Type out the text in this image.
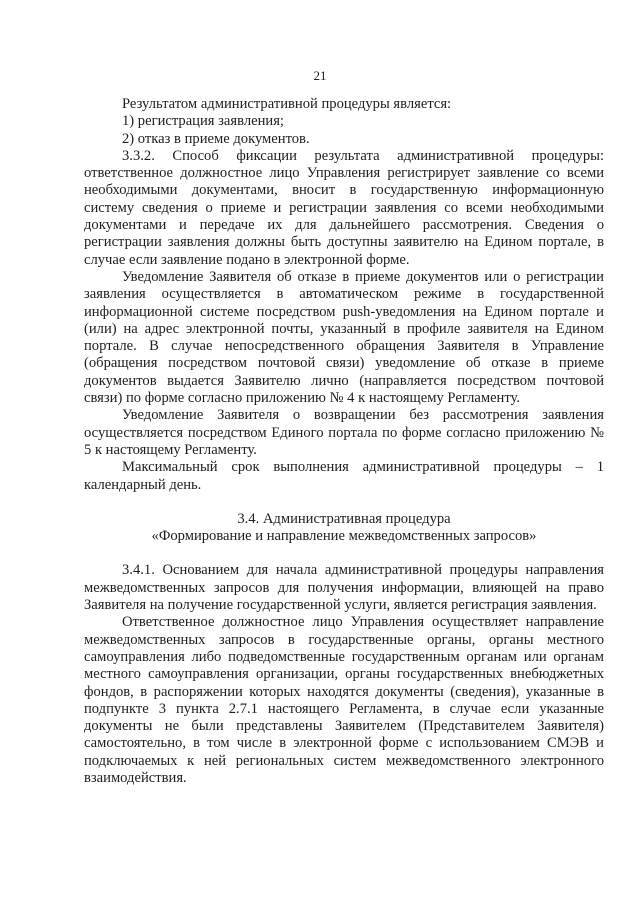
21

Результатом административной процедуры является:

1) регистрация заявления;

2) отказ в приеме документов.

3.3.2. Способ фиксации результата административной процедуры: ответственное должностное лицо Управления регистрирует заявление со всеми необходимыми документами, вносит в государственную информационную систему сведения о приеме и регистрации заявления со всеми необходимыми документами и передаче их для дальнейшего рассмотрения. Сведения о регистрации заявления должны быть доступны заявителю на Едином портале, в случае если заявление подано в электронной форме.

Уведомление Заявителя об отказе в приеме документов или о регистрации заявления осуществляется в автоматическом режиме в государственной информационной системе посредством push-уведомления на Едином портале и (или) на адрес электронной почты, указанный в профиле заявителя на Едином портале. В случае непосредственного обращения Заявителя в Управление (обращения посредством почтовой связи) уведомление об отказе в приеме документов выдается Заявителю лично (направляется посредством почтовой связи) по форме согласно приложению № 4 к настоящему Регламенту.

Уведомление Заявителя о возвращении без рассмотрения заявления осуществляется посредством Единого портала по форме согласно приложению № 5 к настоящему Регламенту.

Максимальный срок выполнения административной процедуры – 1 календарный день.

3.4. Административная процедура

«Формирование и направление межведомственных запросов»

3.4.1. Основанием для начала административной процедуры направления межведомственных запросов для получения информации, влияющей на право Заявителя на получение государственной услуги, является регистрация заявления.

Ответственное должностное лицо Управления осуществляет направление межведомственных запросов в государственные органы, органы местного самоуправления либо подведомственные государственным органам или органам местного самоуправления организации, органы государственных внебюджетных фондов, в распоряжении которых находятся документы (сведения), указанные в подпункте 3 пункта 2.7.1 настоящего Регламента, в случае если указанные документы не были представлены Заявителем (Представителем Заявителя) самостоятельно, в том числе в электронной форме с использованием СМЭВ и подключаемых к ней региональных систем межведомственного электронного взаимодействия.
